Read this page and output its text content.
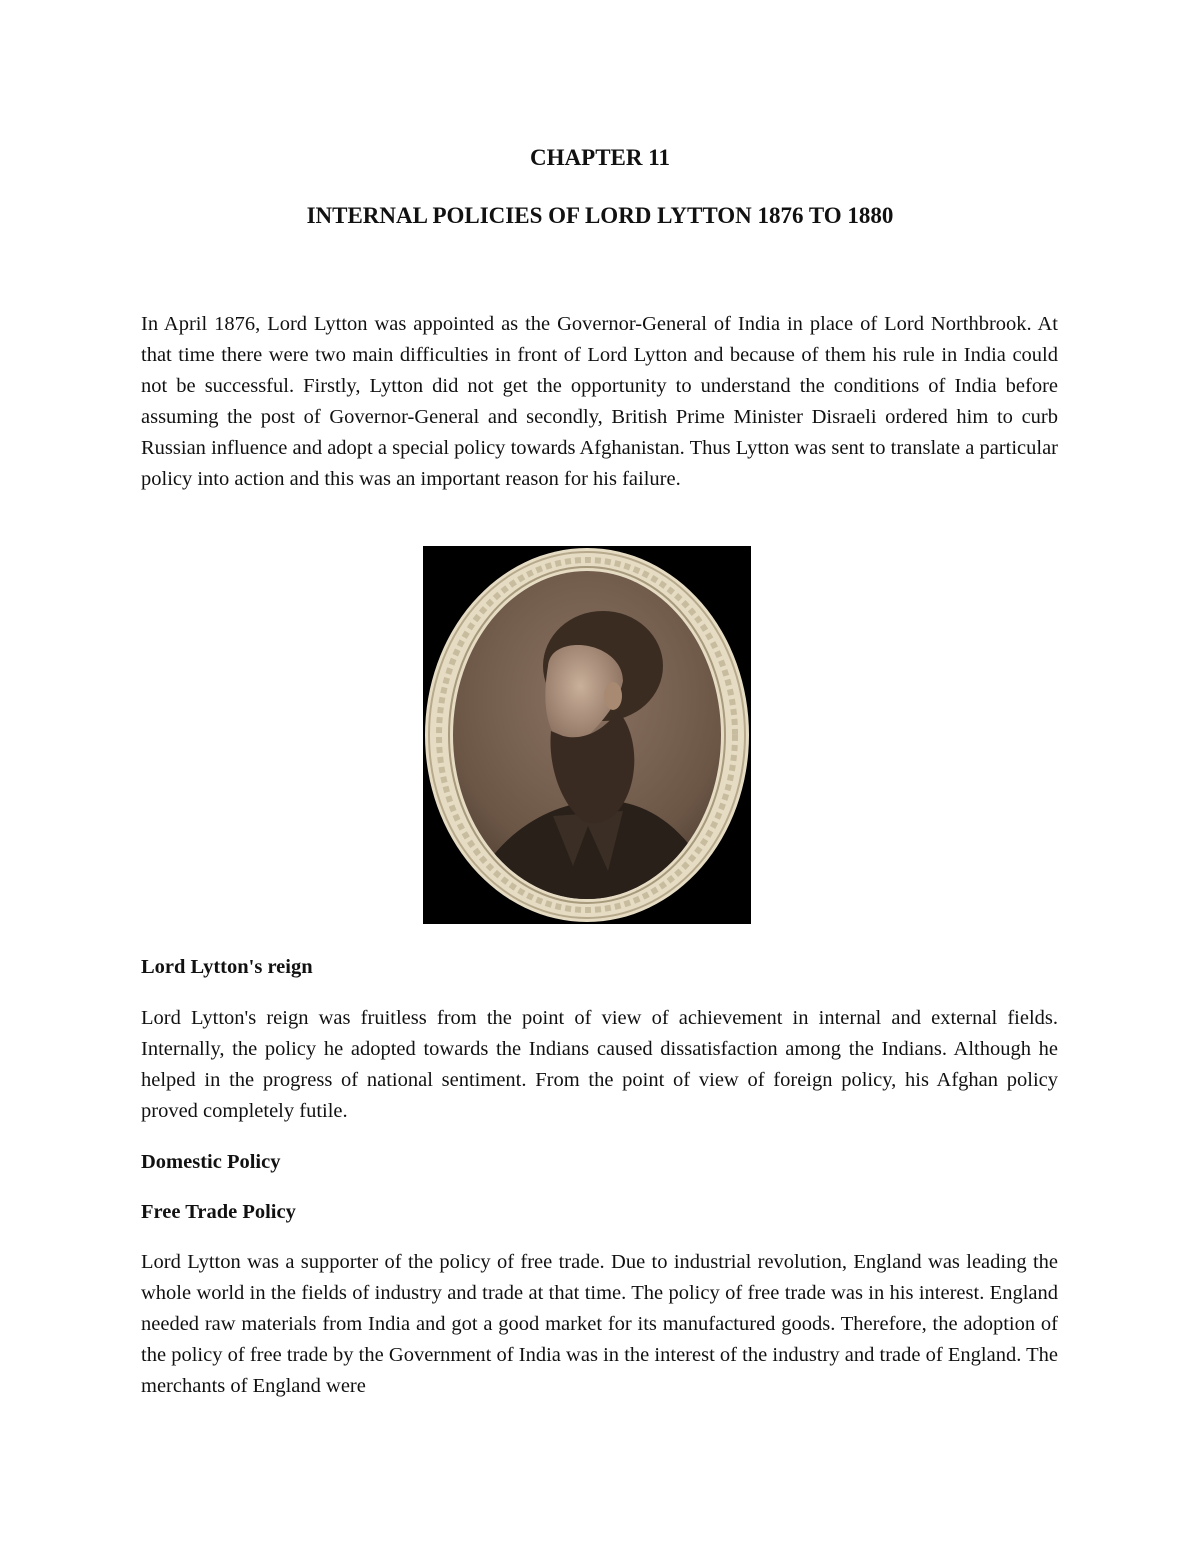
CHAPTER 11
INTERNAL POLICIES OF LORD LYTTON 1876 TO 1880

In April 1876, Lord Lytton was appointed as the Governor-General of India in place of Lord Northbrook. At that time there were two main difficulties in front of Lord Lytton and because of them his rule in India could not be successful. Firstly, Lytton did not get the opportunity to understand the conditions of India before assuming the post of Governor-General and secondly, British Prime Minister Disraeli ordered him to curb Russian influence and adopt a special policy towards Afghanistan. Thus Lytton was sent to translate a particular policy into action and this was an important reason for his failure.

Lord Lytton's reign

Lord Lytton's reign was fruitless from the point of view of achievement in internal and external fields. Internally, the policy he adopted towards the Indians caused dissatisfaction among the Indians. Although he helped in the progress of national sentiment. From the point of view of foreign policy, his Afghan policy proved completely futile.

Domestic Policy
Free Trade Policy

Lord Lytton was a supporter of the policy of free trade. Due to industrial revolution, England was leading the whole world in the fields of industry and trade at that time. The policy of free trade was in his interest. England needed raw materials from India and got a good market for its manufactured goods. Therefore, the adoption of the policy of free trade by the Government of India was in the interest of the industry and trade of England. The merchants of England were
